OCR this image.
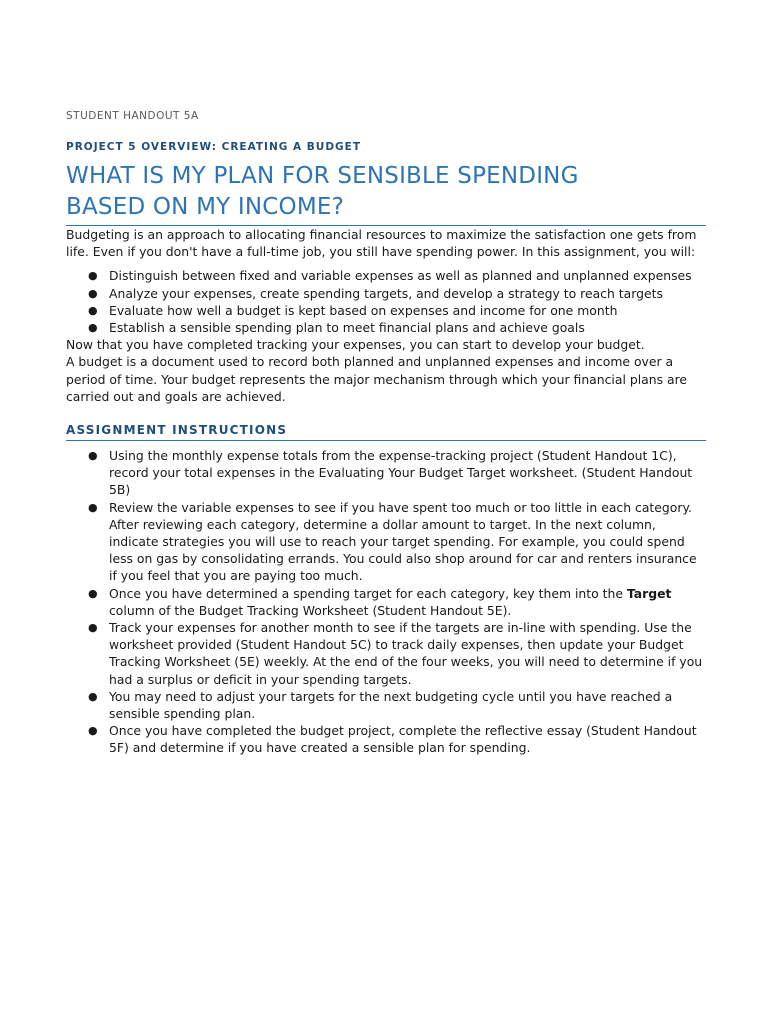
STUDENT HANDOUT 5A
PROJECT 5 OVERVIEW: CREATING A BUDGET
WHAT IS MY PLAN FOR SENSIBLE SPENDING
BASED ON MY INCOME?

Budgeting is an approach to allocating financial resources to maximize the satisfaction one gets from life. Even if you don't have a full-time job, you still have spending power. In this assignment, you will:

● Distinguish between fixed and variable expenses as well as planned and unplanned expenses
● Analyze your expenses, create spending targets, and develop a strategy to reach targets
● Evaluate how well a budget is kept based on expenses and income for one month
● Establish a sensible spending plan to meet financial plans and achieve goals

Now that you have completed tracking your expenses, you can start to develop your budget.

A budget is a document used to record both planned and unplanned expenses and income over a period of time. Your budget represents the major mechanism through which your financial plans are carried out and goals are achieved.

ASSIGNMENT INSTRUCTIONS
● Using the monthly expense totals from the expense-tracking project (Student Handout 1C), record your total expenses in the Evaluating Your Budget Target worksheet. (Student Handout 5B)
● Review the variable expenses to see if you have spent too much or too little in each category. After reviewing each category, determine a dollar amount to target. In the next column, indicate strategies you will use to reach your target spending. For example, you could spend less on gas by consolidating errands. You could also shop around for car and renters insurance if you feel that you are paying too much.
● Once you have determined a spending target for each category, key them into the Target column of the Budget Tracking Worksheet (Student Handout 5E).
● Track your expenses for another month to see if the targets are in-line with spending. Use the worksheet provided (Student Handout 5C) to track daily expenses, then update your Budget Tracking Worksheet (5E) weekly. At the end of the four weeks, you will need to determine if you had a surplus or deficit in your spending targets.
● You may need to adjust your targets for the next budgeting cycle until you have reached a sensible spending plan.
● Once you have completed the budget project, complete the reflective essay (Student Handout 5F) and determine if you have created a sensible plan for spending.
